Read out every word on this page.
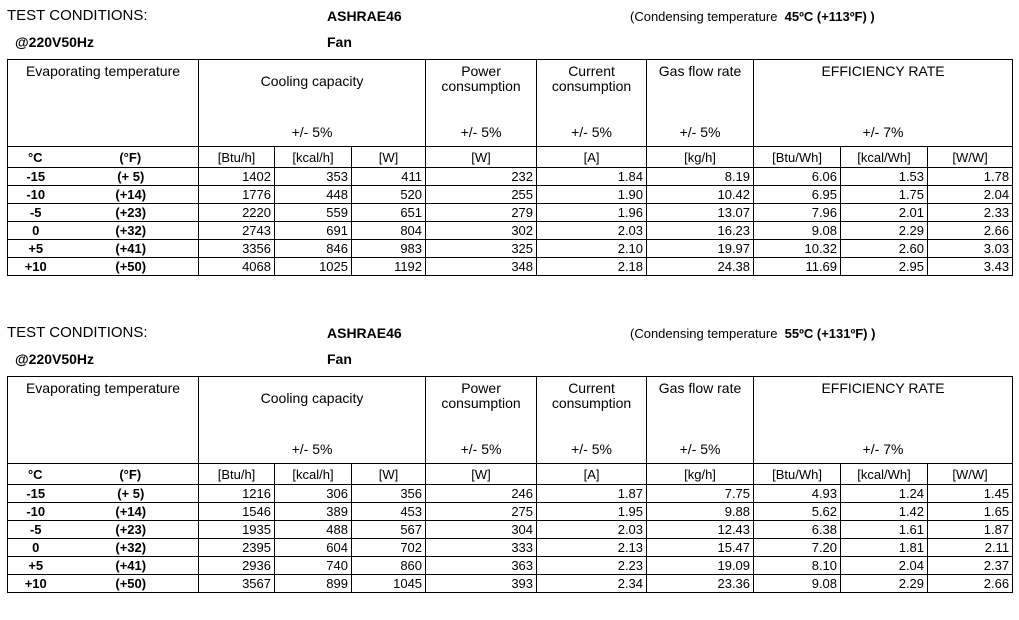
TEST CONDITIONS:	ASHRAE46	(Condensing temperature 45ºC (+113ºF) )
@220V50Hz	Fan
Evaporating temperature		Cooling capacity			Power consumption	Current consumption	Gas flow rate	EFFICIENCY RATE		
		+/- 5%			+/- 5%	+/- 5%	+/- 5%	+/- 7%		
°C	(°F)	[Btu/h]	[kcal/h]	[W]	[W]	[A]	[kg/h]	[Btu/Wh]	[kcal/Wh]	[W/W]
-15	(+ 5)	1402	353	411	232	1.84	8.19	6.06	1.53	1.78
-10	(+14)	1776	448	520	255	1.90	10.42	6.95	1.75	2.04
-5	(+23)	2220	559	651	279	1.96	13.07	7.96	2.01	2.33
0	(+32)	2743	691	804	302	2.03	16.23	9.08	2.29	2.66
+5	(+41)	3356	846	983	325	2.10	19.97	10.32	2.60	3.03
+10	(+50)	4068	1025	1192	348	2.18	24.38	11.69	2.95	3.43
TEST CONDITIONS:	ASHRAE46	(Condensing temperature 55ºC (+131ºF) )
@220V50Hz	Fan
Evaporating temperature		Cooling capacity			Power consumption	Current consumption	Gas flow rate	EFFICIENCY RATE		
		+/- 5%			+/- 5%	+/- 5%	+/- 5%	+/- 7%		
°C	(°F)	[Btu/h]	[kcal/h]	[W]	[W]	[A]	[kg/h]	[Btu/Wh]	[kcal/Wh]	[W/W]
-15	(+ 5)	1216	306	356	246	1.87	7.75	4.93	1.24	1.45
-10	(+14)	1546	389	453	275	1.95	9.88	5.62	1.42	1.65
-5	(+23)	1935	488	567	304	2.03	12.43	6.38	1.61	1.87
0	(+32)	2395	604	702	333	2.13	15.47	7.20	1.81	2.11
+5	(+41)	2936	740	860	363	2.23	19.09	8.10	2.04	2.37
+10	(+50)	3567	899	1045	393	2.34	23.36	9.08	2.29	2.66
